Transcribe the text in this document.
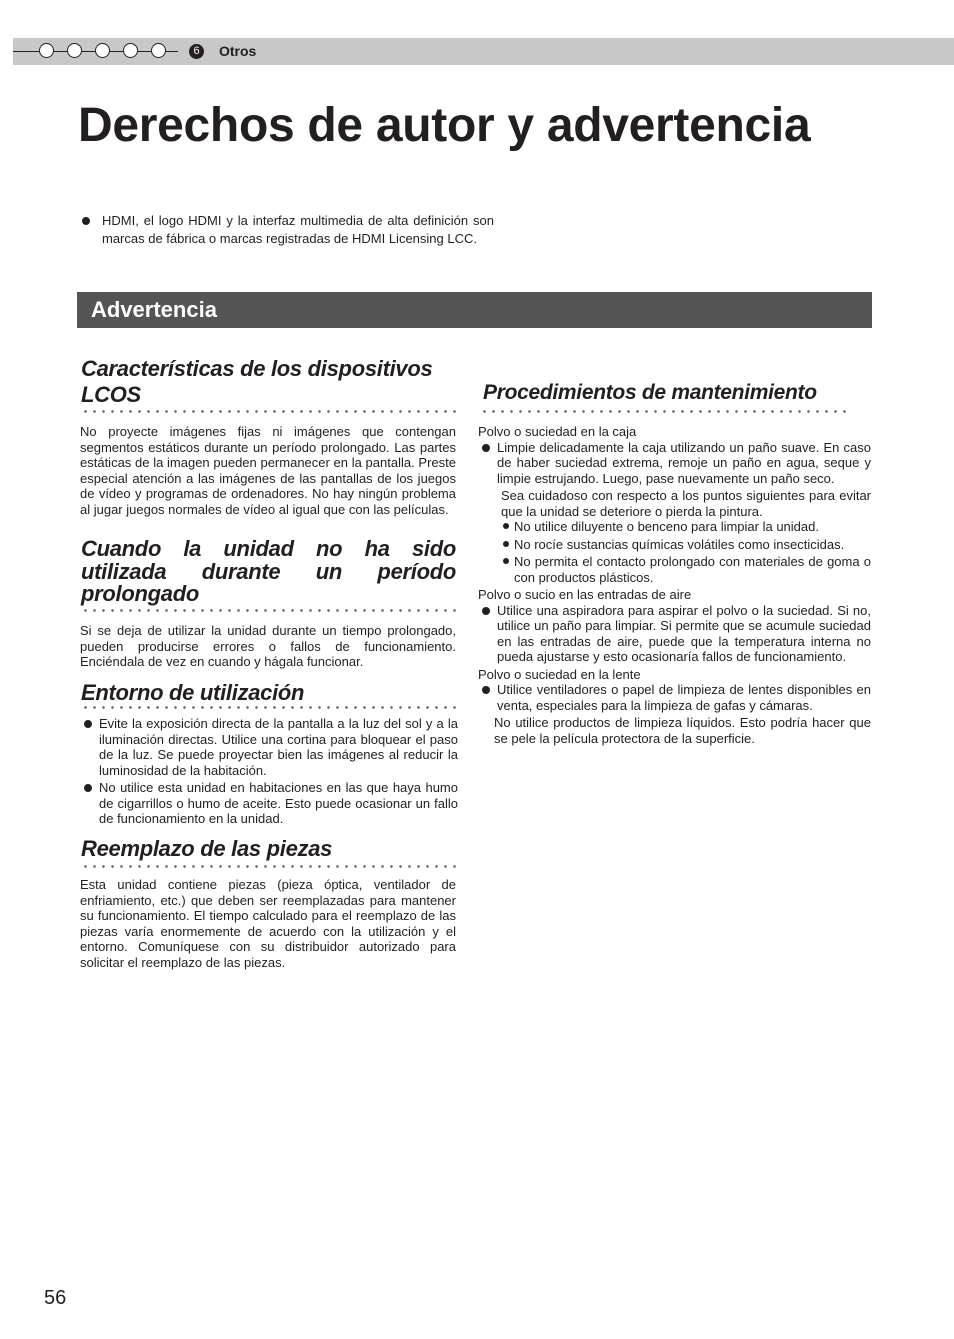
6	Otros
Derechos de autor y advertencia
HDMI, el logo HDMI y la interfaz multimedia de alta definición son marcas de fábrica o marcas registradas de HDMI Licensing LCC.
Advertencia
Características de los dispositivos LCOS

No proyecte imágenes fijas ni imágenes que contengan segmentos estáticos durante un período prolongado. Las partes estáticas de la imagen pueden permanecer en la pantalla. Preste especial atención a las imágenes de las pantallas de los juegos de vídeo y programas de ordenadores. No hay ningún problema al jugar juegos normales de vídeo al igual que con las películas.

Cuando la unidad no ha sido utilizada durante un período prolongado

Si se deja de utilizar la unidad durante un tiempo prolongado, pueden producirse errores o fallos de funcionamiento. Enciéndala de vez en cuando y hágala funcionar.

Entorno de utilización
Evite la exposición directa de la pantalla a la luz del sol y a la iluminación directas. Utilice una cortina para bloquear el paso de la luz. Se puede proyectar bien las imágenes al reducir la luminosidad de la habitación.
No utilice esta unidad en habitaciones en las que haya humo de cigarrillos o humo de aceite. Esto puede ocasionar un fallo de funcionamiento en la unidad.
Reemplazo de las piezas

Esta unidad contiene piezas (pieza óptica, ventilador de enfriamiento, etc.) que deben ser reemplazadas para mantener su funcionamiento. El tiempo calculado para el reemplazo de las piezas varía enormemente de acuerdo con la utilización y el entorno. Comuníquese con su distribuidor autorizado para solicitar el reemplazo de las piezas.

Procedimientos de mantenimiento

Polvo o suciedad en la caja

Limpie delicadamente la caja utilizando un paño suave. En caso de haber suciedad extrema, remoje un paño en agua, seque y limpie estrujando. Luego, pase nuevamente un paño seco.

Sea cuidadoso con respecto a los puntos siguientes para evitar que la unidad se deteriore o pierda la pintura.

No utilice diluyente o benceno para limpiar la unidad.
No rocíe sustancias químicas volátiles como insecticidas.
No permita el contacto prolongado con materiales de goma o con productos plásticos.

Polvo o sucio en las entradas de aire

Utilice una aspiradora para aspirar el polvo o la suciedad. Si no, utilice un paño para limpiar. Si permite que se acumule suciedad en las entradas de aire, puede que la temperatura interna no pueda ajustarse y esto ocasionaría fallos de funcionamiento.

Polvo o suciedad en la lente

Utilice ventiladores o papel de limpieza de lentes disponibles en venta, especiales para la limpieza de gafas y cámaras.

No utilice productos de limpieza líquidos. Esto podría hacer que se pele la película protectora de la superficie.

56
